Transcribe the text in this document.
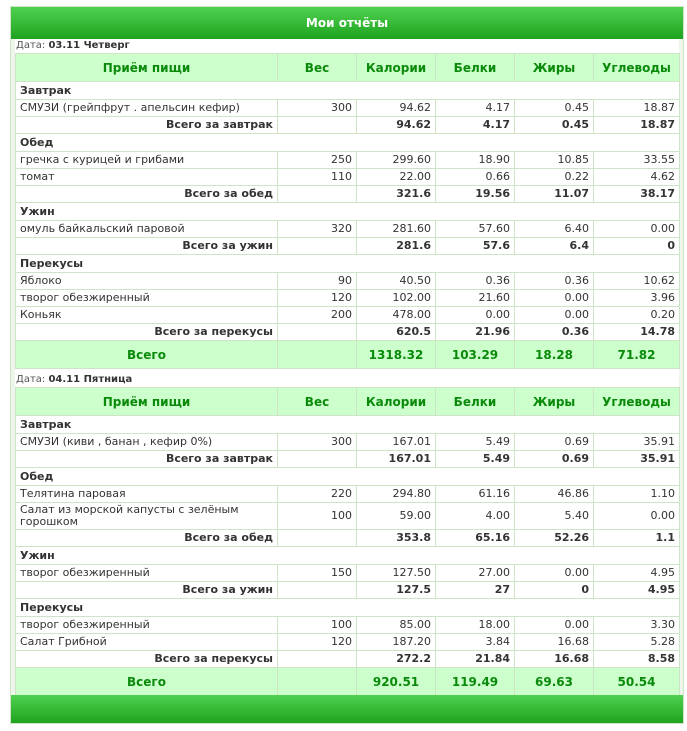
Мои отчёты
Дата: 03.11 Четверг
Приём пищи	Вес	Калории	Белки	Жиры	Углеводы
Завтрак					
СМУЗИ (грейпфрут . апельсин кефир)	300	94.62	4.17	0.45	18.87
Всего за завтрак		94.62	4.17	0.45	18.87
Обед					
гречка с курицей и грибами	250	299.60	18.90	10.85	33.55
томат	110	22.00	0.66	0.22	4.62
Всего за обед		321.6	19.56	11.07	38.17
Ужин					
омуль байкальский паровой	320	281.60	57.60	6.40	0.00
Всего за ужин		281.6	57.6	6.4	0
Перекусы					
Яблоко	90	40.50	0.36	0.36	10.62
творог обезжиренный	120	102.00	21.60	0.00	3.96
Коньяк	200	478.00	0.00	0.00	0.20
Всего за перекусы		620.5	21.96	0.36	14.78
Всего		1318.32	103.29	18.28	71.82
Дата: 04.11 Пятница
Приём пищи	Вес	Калории	Белки	Жиры	Углеводы
Завтрак					
СМУЗИ (киви , банан , кефир 0%)	300	167.01	5.49	0.69	35.91
Всего за завтрак		167.01	5.49	0.69	35.91
Обед					
Телятина паровая	220	294.80	61.16	46.86	1.10
Салат из морской капусты с зелёным горошком	100	59.00	4.00	5.40	0.00
Всего за обед		353.8	65.16	52.26	1.1
Ужин					
творог обезжиренный	150	127.50	27.00	0.00	4.95
Всего за ужин		127.5	27	0	4.95
Перекусы					
творог обезжиренный	100	85.00	18.00	0.00	3.30
Салат Грибной	120	187.20	3.84	16.68	5.28
Всего за перекусы		272.2	21.84	16.68	8.58
Всего		920.51	119.49	69.63	50.54
